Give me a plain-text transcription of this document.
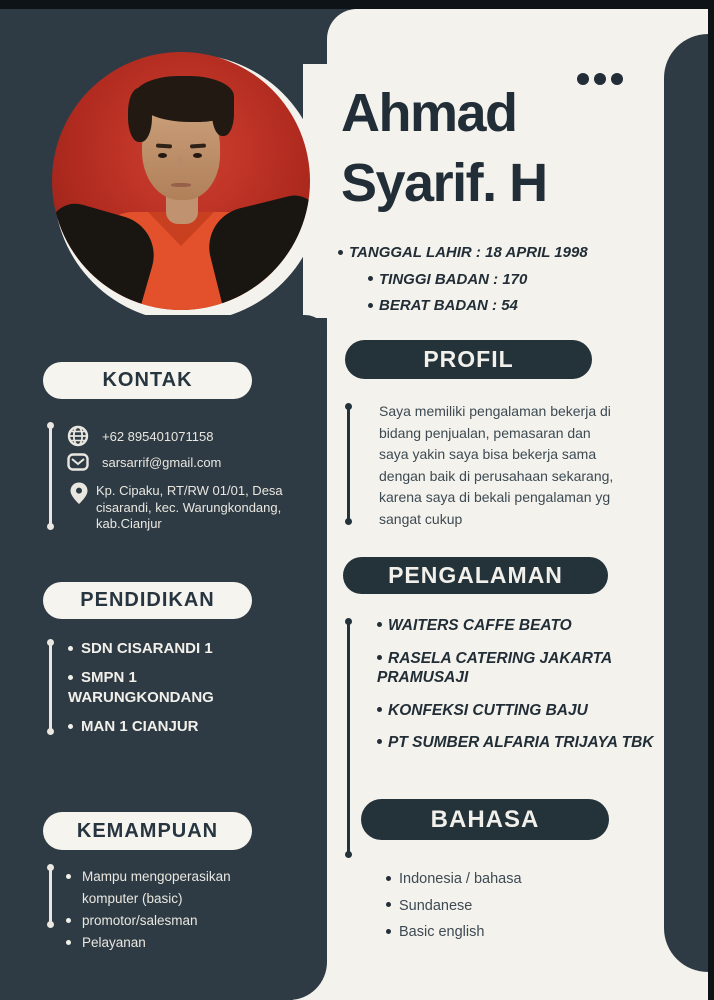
KONTAK
+62 895401071158
sarsarrif@gmail.com
Kp. Cipaku, RT/RW 01/01, Desa cisarandi, kec. Warungkondang, kab.Cianjur
PENDIDIKAN
SDN CISARANDI 1
SMPN 1 WARUNGKONDANG
MAN 1 CIANJUR
KEMAMPUAN
Mampu mengoperasikan komputer (basic)
promotor/salesman
Pelayanan
Ahmad
Syarif. H
TANGGAL LAHIR : 18 APRIL 1998
TINGGI BADAN : 170
BERAT BADAN : 54
PROFIL
Saya memiliki pengalaman bekerja di bidang penjualan, pemasaran dan saya yakin saya bisa bekerja sama dengan baik di perusahaan sekarang, karena saya di bekali pengalaman yg sangat cukup
PENGALAMAN
WAITERS CAFFE BEATO
RASELA CATERING JAKARTA PRAMUSAJI
KONFEKSI CUTTING BAJU
PT SUMBER ALFARIA TRIJAYA TBK
BAHASA
Indonesia / bahasa
Sundanese
Basic english
